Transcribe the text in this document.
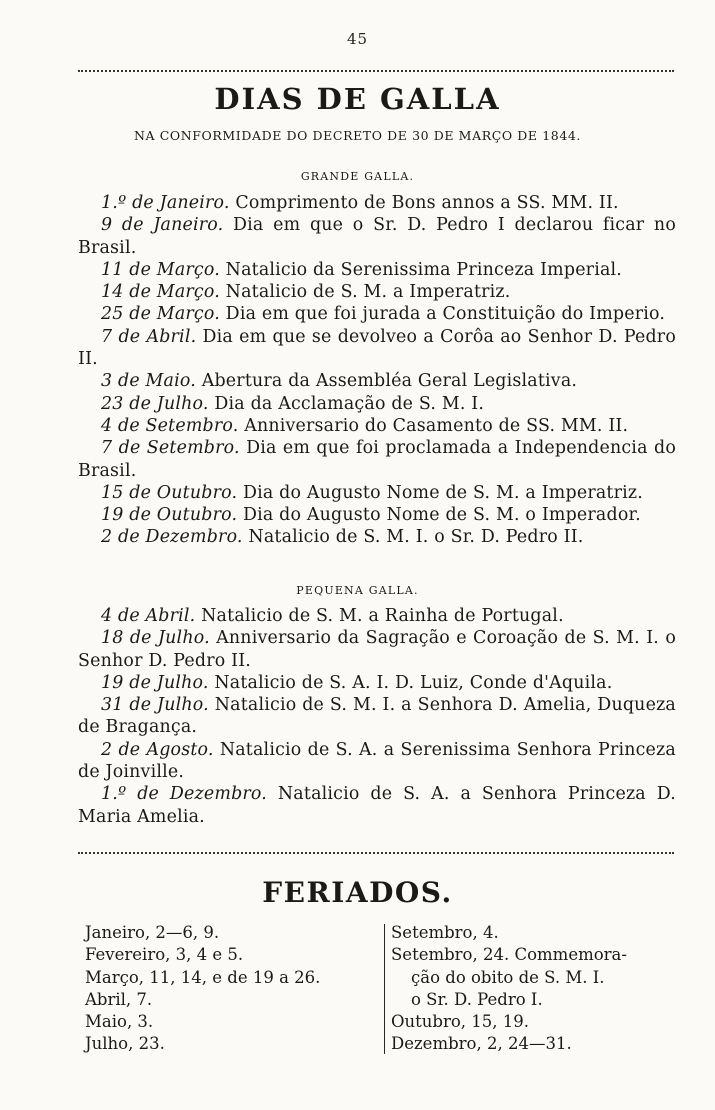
45
DIAS DE GALLA
NA CONFORMIDADE DO DECRETO DE 30 DE MARÇO DE 1844.
GRANDE GALLA.
1.º de Janeiro. Comprimento de Bons annos a SS. MM. II.
9 de Janeiro. Dia em que o Sr. D. Pedro I declarou ficar no Brasil.
11 de Março. Natalicio da Serenissima Princeza Imperial.
14 de Março. Natalicio de S. M. a Imperatriz.
25 de Março. Dia em que foi jurada a Constituição do Imperio.
7 de Abril. Dia em que se devolveo a Corôa ao Senhor D. Pedro II.
3 de Maio. Abertura da Assembléa Geral Legislativa.
23 de Julho. Dia da Acclamação de S. M. I.
4 de Setembro. Anniversario do Casamento de SS. MM. II.
7 de Setembro. Dia em que foi proclamada a Independencia do Brasil.
15 de Outubro. Dia do Augusto Nome de S. M. a Imperatriz.
19 de Outubro. Dia do Augusto Nome de S. M. o Imperador.
2 de Dezembro. Natalicio de S. M. I. o Sr. D. Pedro II.
PEQUENA GALLA.
4 de Abril. Natalicio de S. M. a Rainha de Portugal.
18 de Julho. Anniversario da Sagração e Coroação de S. M. I. o Senhor D. Pedro II.
19 de Julho. Natalicio de S. A. I. D. Luiz, Conde d'Aquila.
31 de Julho. Natalicio de S. M. I. a Senhora D. Amelia, Duqueza de Bragança.
2 de Agosto. Natalicio de S. A. a Serenissima Senhora Princeza de Joinville.
1.º de Dezembro. Natalicio de S. A. a Senhora Princeza D. Maria Amelia.
FERIADOS.
Janeiro, 2—6, 9.
Fevereiro, 3, 4 e 5.
Março, 11, 14, e de 19 a 26.
Abril, 7.
Maio, 3.
Julho, 23.
Setembro, 4.
Setembro, 24. Commemora-
ção do obito de S. M. I.
o Sr. D. Pedro I.
Outubro, 15, 19.
Dezembro, 2, 24—31.
